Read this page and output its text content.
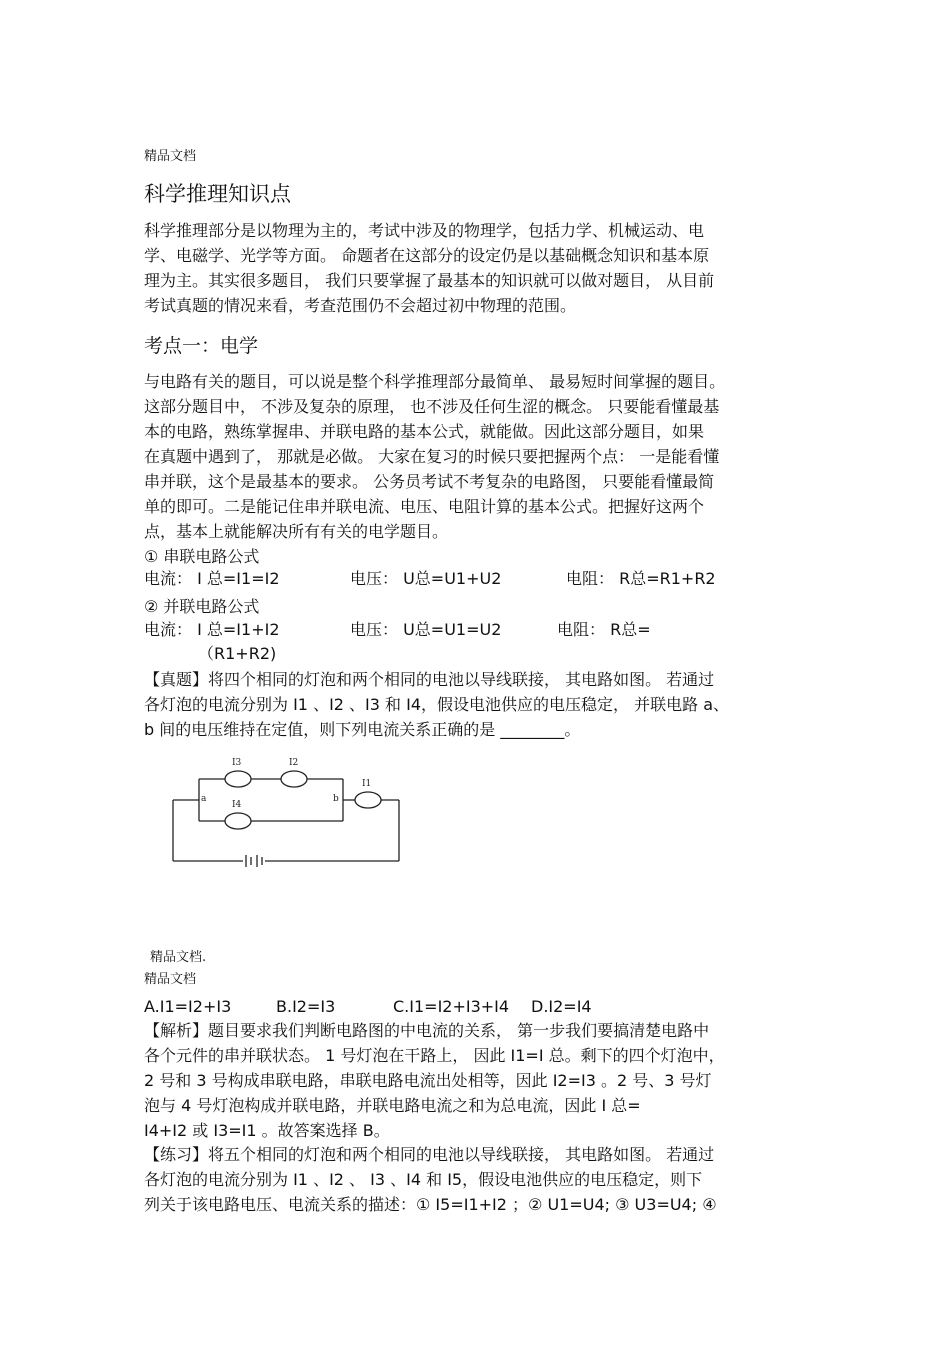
精品文档
科学推理知识点
科学推理部分是以物理为主的，考试中涉及的物理学，包括力学、机械运动、电
学、电磁学、光学等方面。 命题者在这部分的设定仍是以基础概念知识和基本原
理为主。其实很多题目， 我们只要掌握了最基本的知识就可以做对题目， 从目前
考试真题的情况来看，考查范围仍不会超过初中物理的范围。
考点一：电学
与电路有关的题目，可以说是整个科学推理部分最简单、 最易短时间掌握的题目。
这部分题目中， 不涉及复杂的原理， 也不涉及任何生涩的概念。 只要能看懂最基
本的电路，熟练掌握串、并联电路的基本公式，就能做。因此这部分题目，如果
在真题中遇到了， 那就是必做。 大家在复习的时候只要把握两个点： 一是能看懂
串并联，这个是最基本的要求。 公务员考试不考复杂的电路图， 只要能看懂最简
单的即可。二是能记住串并联电流、电压、电阻计算的基本公式。把握好这两个
点，基本上就能解决所有有关的电学题目。
① 串联电路公式
电流： I 总=I1=I2	电压： U总=U1+U2	电阻： R总=R1+R2
② 并联电路公式
电流： I 总=I1+I2	电压： U总=U1=U2	电阻： R总=
（R1+R2)
【真题】将四个相同的灯泡和两个相同的电池以导线联接， 其电路如图。 若通过
各灯泡的电流分别为 I1 、I2 、I3 和 I4，假设电池供应的电压稳定， 并联电路 a、
b 间的电压维持在定值，则下列电流关系正确的是 ________。
I3	I2
I1
I4
a	b
精品文档.
精品文档
A.I1=I2+I3	B.I2=I3	C.I1=I2+I3+I4 D.I2=I4
【解析】题目要求我们判断电路图的中电流的关系， 第一步我们要搞清楚电路中
各个元件的串并联状态。 1 号灯泡在干路上， 因此 I1=I 总。剩下的四个灯泡中，
2 号和 3 号构成串联电路，串联电路电流出处相等，因此 I2=I3 。2 号、3 号灯
泡与 4 号灯泡构成并联电路，并联电路电流之和为总电流，因此 I 总=
I4+I2 或 I3=I1 。故答案选择 B。
【练习】将五个相同的灯泡和两个相同的电池以导线联接， 其电路如图。 若通过
各灯泡的电流分别为 I1 、I2 、 I3 、I4 和 I5，假设电池供应的电压稳定，则下
列关于该电路电压、电流关系的描述：① I5=I1+I2 ；② U1=U4; ③ U3=U4; ④
